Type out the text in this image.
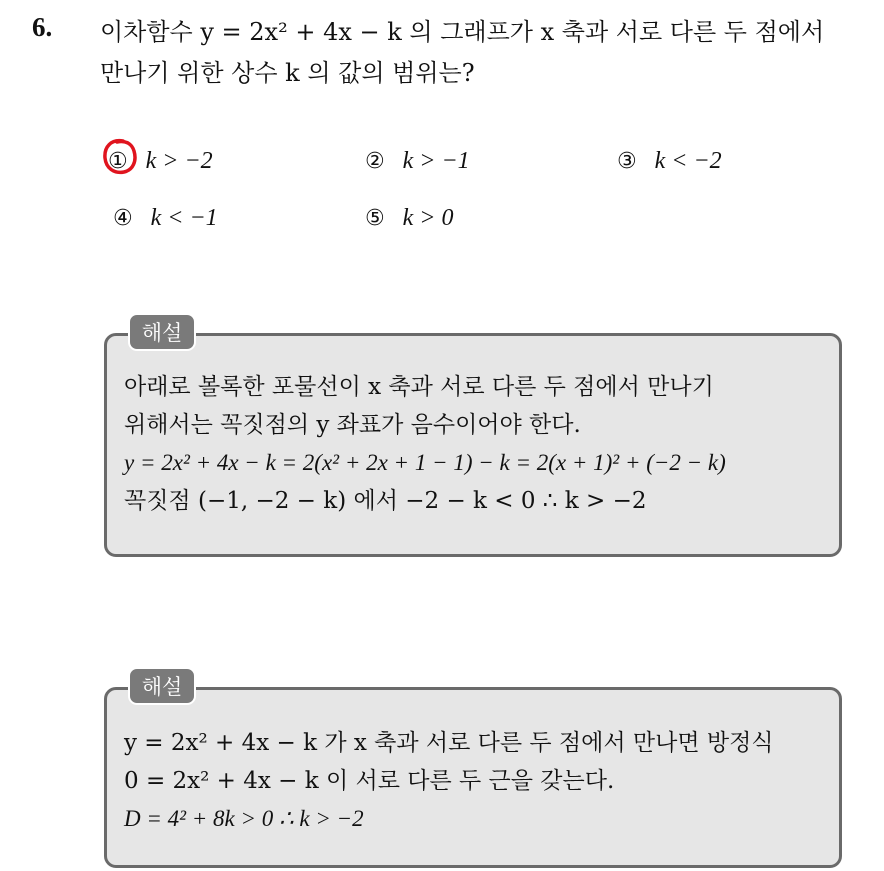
6. 이차함수 y = 2x² + 4x − k 의 그래프가 x 축과 서로 다른 두 점에서
만나기 위한 상수 k 의 값의 범위는?
① k > −2	② k > −1	③ k < −2
④ k < −1	⑤ k > 0
해설
아래로 볼록한 포물선이 x 축과 서로 다른 두 점에서 만나기
위해서는 꼭짓점의 y 좌표가 음수이어야 한다.
y = 2x² + 4x − k = 2(x² + 2x + 1 − 1) − k = 2(x + 1)² + (−2 − k)
꼭짓점 (−1, −2 − k) 에서 −2 − k < 0 ∴ k > −2
해설
y = 2x² + 4x − k 가 x 축과 서로 다른 두 점에서 만나면 방정식
0 = 2x² + 4x − k 이 서로 다른 두 근을 갖는다.
D = 4² + 8k > 0 ∴ k > −2
